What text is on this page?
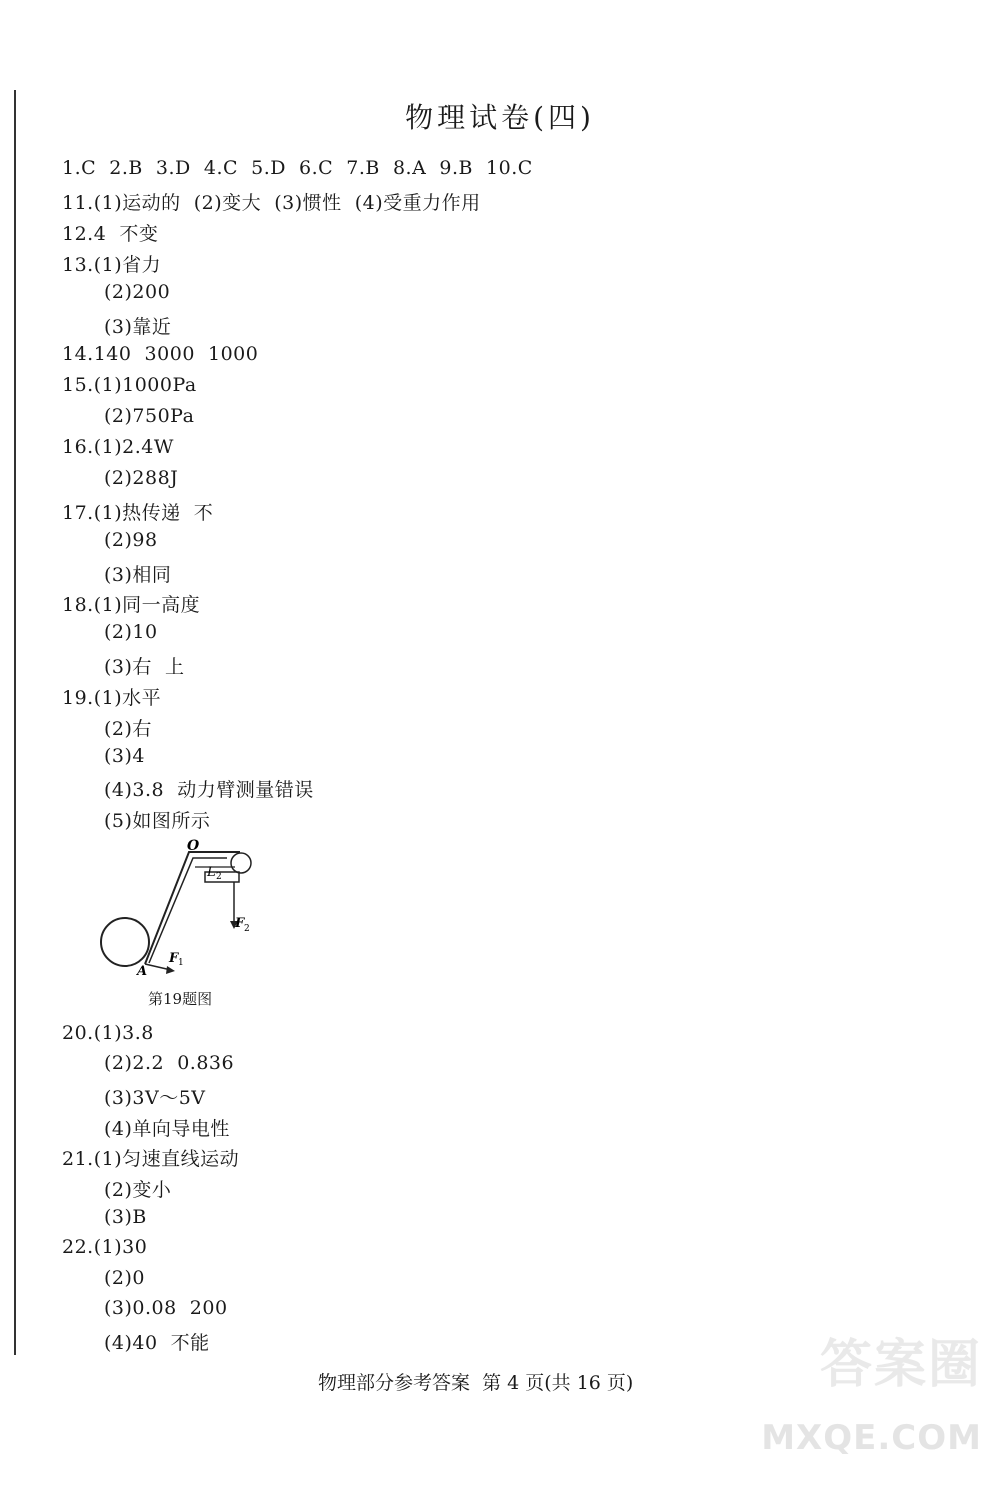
物理试卷(四)
1.C  2.B  3.D  4.C  5.D  6.C  7.B  8.A  9.B  10.C
11.(1)运动的  (2)变大  (3)惯性  (4)受重力作用
12.4  不变
13.(1)省力
(2)200
(3)靠近
14.140  3000  1000
15.(1)1000Pa
(2)750Pa
16.(1)2.4W
(2)288J
17.(1)热传递  不
(2)98
(3)相同
18.(1)同一高度
(2)10
(3)右  上
19.(1)水平
(2)右
(3)4
(4)3.8  动力臂测量错误
(5)如图所示
O
L 2
F 2
F 1
A
第19题图
20.(1)3.8
(2)2.2  0.836
(3)3V～5V
(4)单向导电性
21.(1)匀速直线运动
(2)变小
(3)B
22.(1)30
(2)0
(3)0.08  200
(4)40  不能
物理部分参考答案  第 4 页(共 16 页)	答案圈
MXQE.COM
